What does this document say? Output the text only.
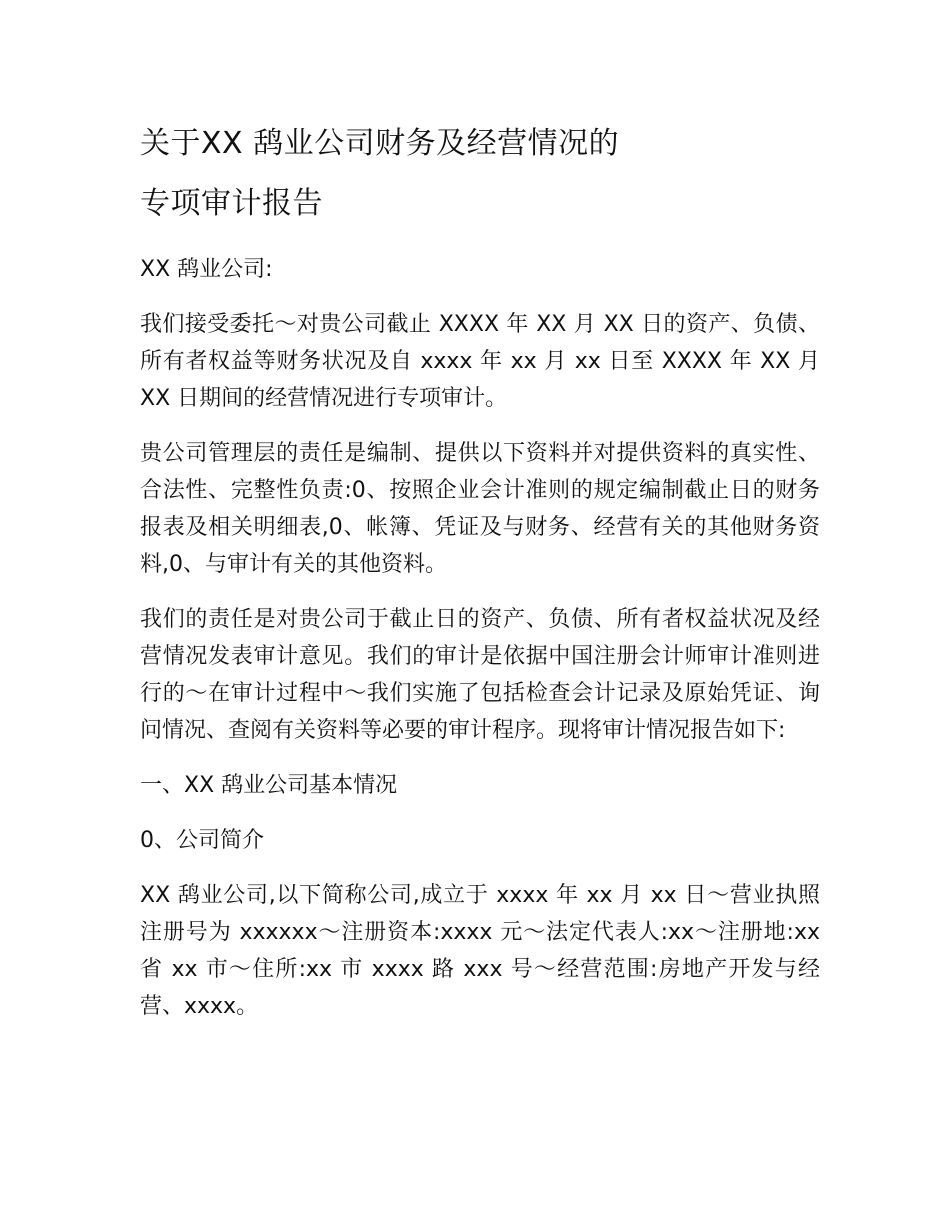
关于XX 鸹业公司财务及经营情况的

专项审计报告

XX 鸹业公司:

我们接受委托～对贵公司截止 XXXX 年 XX 月 XX 日的资产、负债、所有者权益等财务状况及自 xxxx 年 xx 月 xx 日至 XXXX 年 XX 月 XX 日期间的经营情况进行专项审计。

贵公司管理层的责任是编制、提供以下资料并对提供资料的真实性、合法性、完整性负责:0、按照企业会计准则的规定编制截止日的财务报表及相关明细表,0、帐簿、凭证及与财务、经营有关的其他财务资料,0、与审计有关的其他资料。

我们的责任是对贵公司于截止日的资产、负债、所有者权益状况及经营情况发表审计意见。我们的审计是依据中国注册会计师审计准则进行的～在审计过程中～我们实施了包括检查会计记录及原始凭证、询问情况、查阅有关资料等必要的审计程序。现将审计情况报告如下:

一、XX 鸹业公司基本情况

0、公司简介

XX 鸹业公司,以下简称公司,成立于 xxxx 年 xx 月 xx 日～营业执照注册号为 xxxxxx～注册资本:xxxx 元～法定代表人:xx～注册地:xx 省 xx 市～住所:xx 市 xxxx 路 xxx 号～经营范围:房地产开发与经营、xxxx。
